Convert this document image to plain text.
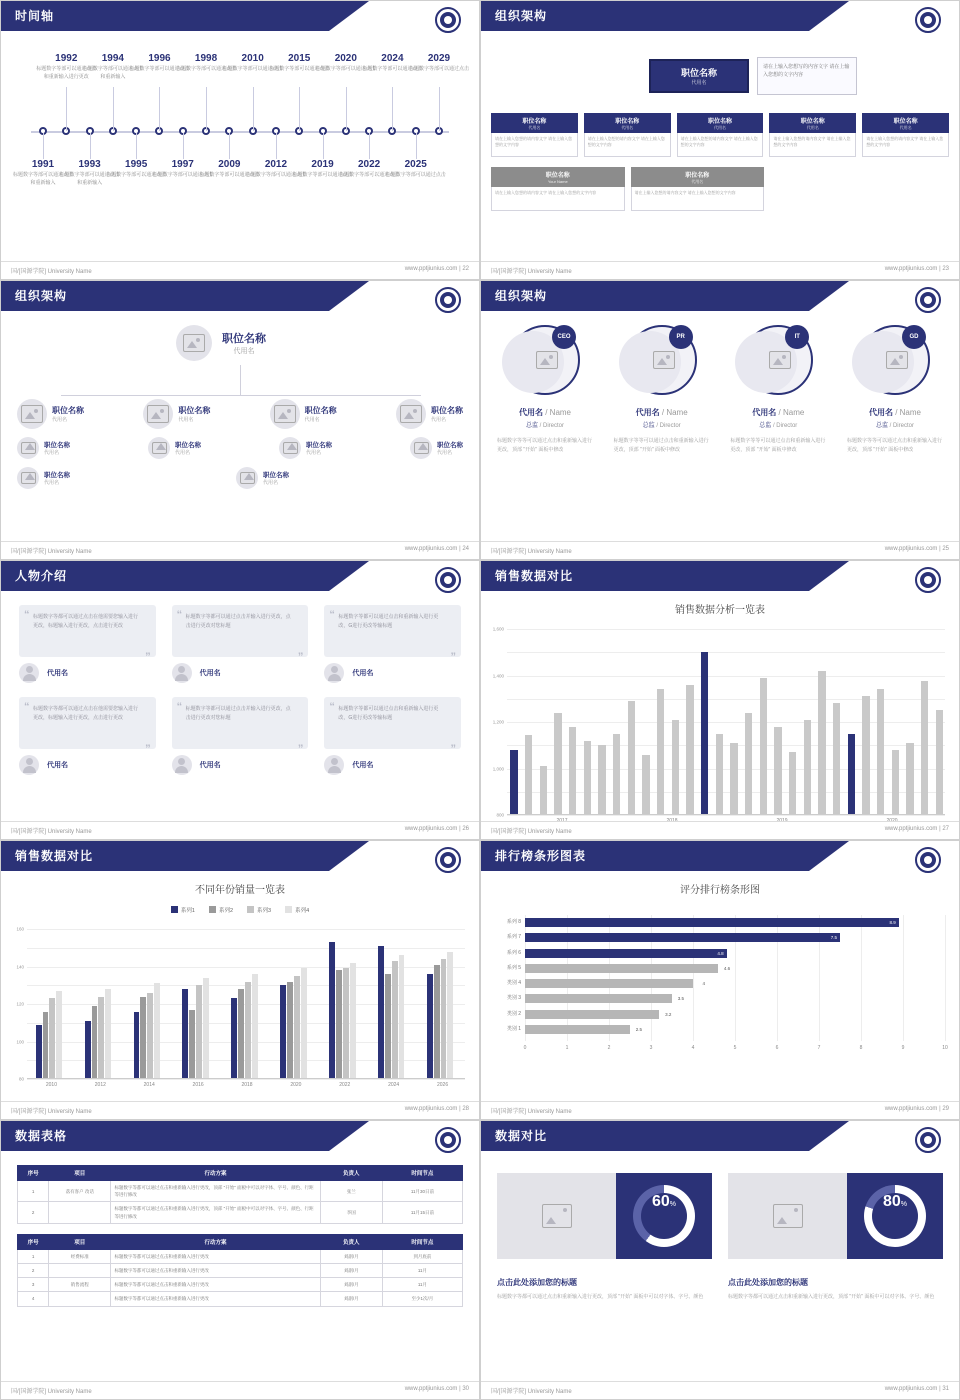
时间轴
1991
标题数字等部可以通过点击和重新输入
1992
标题数字等部可以通过点击和重新输入进行更改
1993
标题数字等部可以通过点击和重新输入
1994
标题数字等部可以通过点击和重新输入
1995
标题数字等部可以通过点击
1996
标题数字等部可以通过点击
1997
标题数字等部可以通过点击
1998
标题数字等部可以通过点击
2009
标题数字等部可以通过点击
2010
标题数字等部可以通过点击
2012
标题数字等部可以通过点击
2015
标题数字等部可以通过点击
2019
标题数字等部可以通过点击
2020
标题数字等部可以通过点击
2022
标题数字等部可以通过点击
2024
标题数字等部可以通过点击
2025
标题数字等部可以通过点击
2029
标题数字等部可以通过点击
国/[国源学院] University Name	www.pptjiunius.com | 22
组织架构
职位名称
代用名
请在上输入您想写的内容文字 请在上输入您想的文字内容
职位名称
代用名
请在上输入您想的请内容文字 请在上输入您想的文字内容
职位名称
代用名
请在上输入您想的请内容文字 请在上输入您想的文字内容
职位名称
代用名
请在上输入您想的请内容文字 请在上输入您想的文字内容
职位名称
代用名
请在上输入您想的请内容文字 请在上输入您想的文字内容
职位名称
代用名
请在上输入您想的请内容文字 请在上输入您想的文字内容
职位名称
Your Name
请在上输入您想的请内容文字 请在上输入您想的文字内容
职位名称
代用名
请在上输入您想的请内容文字 请在上输入您想的文字内容
国/[国源学院] University Name	www.pptjiunius.com | 23
组织架构
职位名称
代用名
职位名称
代用名
职位名称
代用名
职位名称
代用名
职位名称
代用名
职位名称
代用名
职位名称
代用名
职位名称
代用名
职位名称
代用名
职位名称
代用名
职位名称
代用名
国/[国源学院] University Name	www.pptjiunius.com | 24
组织架构
CEO
代用名 / Name
总监 / Director
标题数字等等可以通过点击和重新输入进行更改，顶部 "开始" 面板中修改
PR
代用名 / Name
总监 / Director
标题数字等等可以通过点击和重新输入进行更改，顶部 "开始" 面板中修改
IT
代用名 / Name
总监 / Director
标题数字等等可以通过点击和重新输入进行更改，顶部 "开始" 面板中修改
GD
代用名 / Name
总监 / Director
标题数字等等可以通过点击和重新输入进行更改，顶部 "开始" 面板中修改
国/[国源学院] University Name	www.pptjiunius.com | 25
人物介绍
标题数字等都可以通过点击在他需要您输入进行更改，标题输入进行更改，点击进行更改
“
”
代用名
标题数字等都可以通过点击并输入进行更改，点击进行更改对您标题
“
”
代用名
标题数字等都可以通过点击和重新输入进行更改，G进行更改等输标题
“
”
代用名
标题数字等都可以通过点击在他需要您输入进行更改，标题输入进行更改，点击进行更改
“
”
代用名
标题数字等都可以通过点击并输入进行更改，点击进行更改对您标题
“
”
代用名
标题数字等都可以通过点击和重新输入进行更改，G进行更改等输标题
“
”
代用名
国/[国源学院] University Name	www.pptjiunius.com | 26
销售数据对比
销售数据分析一览表
800
1,000
1,200
1,400
1,600
国/[国源学院] University Name	www.pptjiunius.com | 27
销售数据对比
不同年份销量一览表
系列1	系列2	系列3	系列4
80
100
120
140
160
2010	2012	2014	2016	2018	2020	2022	2024	2026
国/[国源学院] University Name	www.pptjiunius.com | 28
排行榜条形图表
评分排行榜条形图
0	1	2	3	4	5	6	7	8	9	10
系列 8	8.9
系列 7	7.5
系列 6	4.8
系列 5	4.6
类别 4	4
类别 3	3.5
类别 2	3.2
类别 1	2.5
国/[国源学院] University Name	www.pptjiunius.com | 29
数据表格
序号	项目	行动方案	负责人	时间节点
1	落有客户 改话	标题数字等都可以通过点击和重新输入进行更改，顶部 "开始" 面板中可以对字体、字号、颜色、行距等进行修改	张兰	11月30日前
2		标题数字等都可以通过点击和重新输入进行更改，顶部 "开始" 面板中可以对字体、字号、颜色、行距等进行修改	李国	11月15日前
序号	项目	行动方案	负责人	时间节点
1	经费标准	标题数字等都可以通过点击和重新输入进行更改	刘副/月	到月底前
2		标题数字等都可以通过点击和重新输入进行更改	刘副/月	11月
3	销售流程	标题数字等都可以通过点击和重新输入进行更改	刘副/月	11月
4		标题数字等都可以通过点击和重新输入进行更改	刘副/月	至少1次/月
国/[国源学院] University Name	www.pptjiunius.com | 30
数据对比
60 %	80 %
点击此处添加您的标题
标题数字等都可以通过点击和重新输入进行更改，顶部 "开始" 面板中可以对字体、字号、颜色
点击此处添加您的标题
标题数字等都可以通过点击和重新输入进行更改，顶部 "开始" 面板中可以对字体、字号、颜色
国/[国源学院] University Name	www.pptjiunius.com | 31
